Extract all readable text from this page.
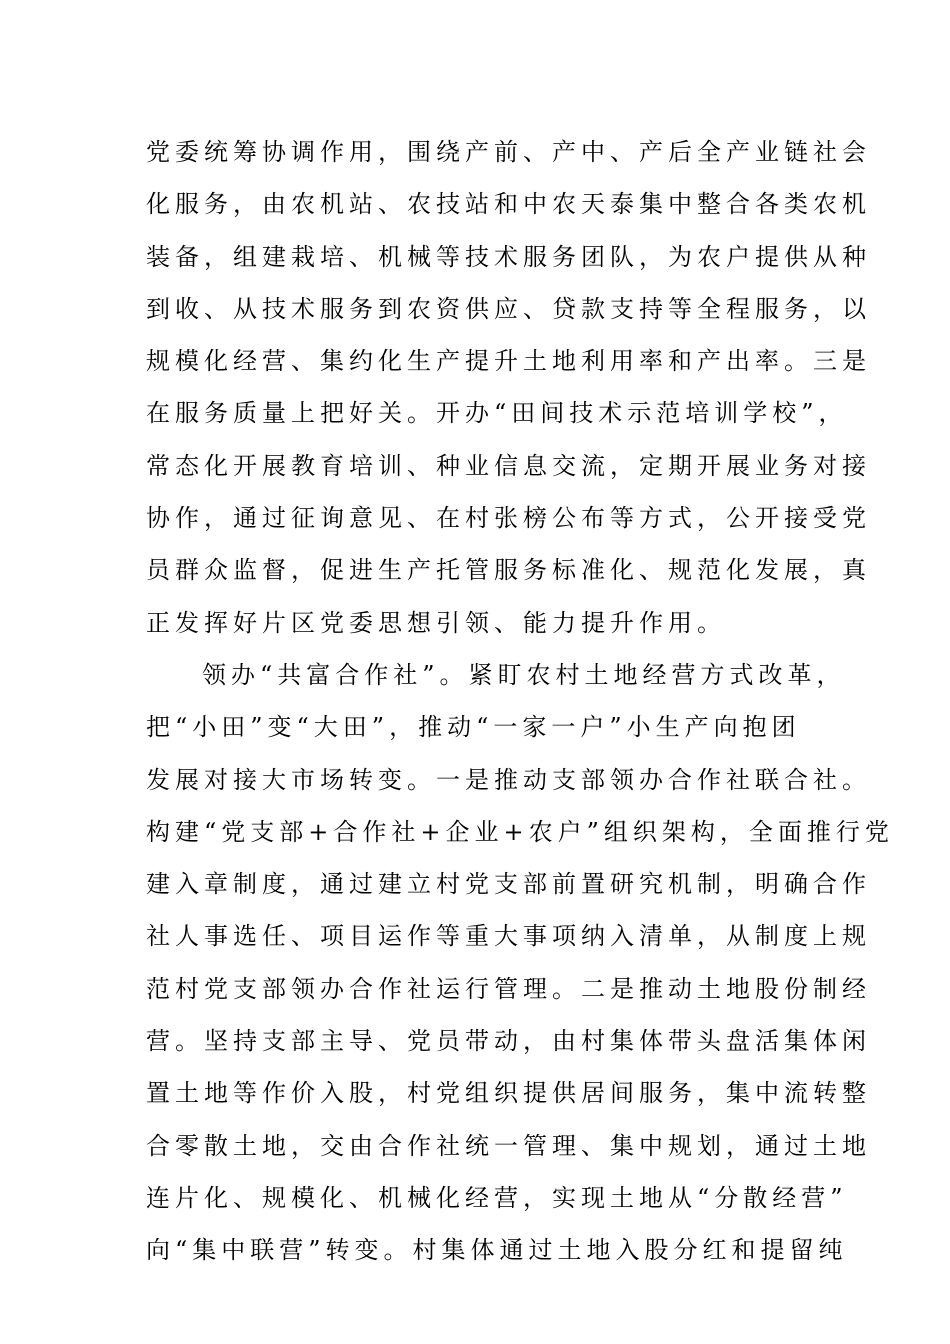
党委统筹协调作用，围绕产前、产中、产后全产业链社会
化服务，由农机站、农技站和中农天泰集中整合各类农机
装备，组建栽培、机械等技术服务团队，为农户提供从种
到收、从技术服务到农资供应、贷款支持等全程服务，以
规模化经营、集约化生产提升土地利用率和产出率。三是
在服务质量上把好关。开办“田间技术示范培训学校”，
常态化开展教育培训、种业信息交流，定期开展业务对接
协作，通过征询意见、在村张榜公布等方式，公开接受党
员群众监督，促进生产托管服务标准化、规范化发展，真
正发挥好片区党委思想引领、能力提升作用。
领办“共富合作社”。紧盯农村土地经营方式改革，
把“小田”变“大田”，推动“一家一户”小生产向抱团
发展对接大市场转变。一是推动支部领办合作社联合社。
构建“党支部+合作社+企业+农户”组织架构，全面推行党
建入章制度，通过建立村党支部前置研究机制，明确合作
社人事选任、项目运作等重大事项纳入清单，从制度上规
范村党支部领办合作社运行管理。二是推动土地股份制经
营。坚持支部主导、党员带动，由村集体带头盘活集体闲
置土地等作价入股，村党组织提供居间服务，集中流转整
合零散土地，交由合作社统一管理、集中规划，通过土地
连片化、规模化、机械化经营，实现土地从“分散经营”
向“集中联营”转变。村集体通过土地入股分红和提留纯
